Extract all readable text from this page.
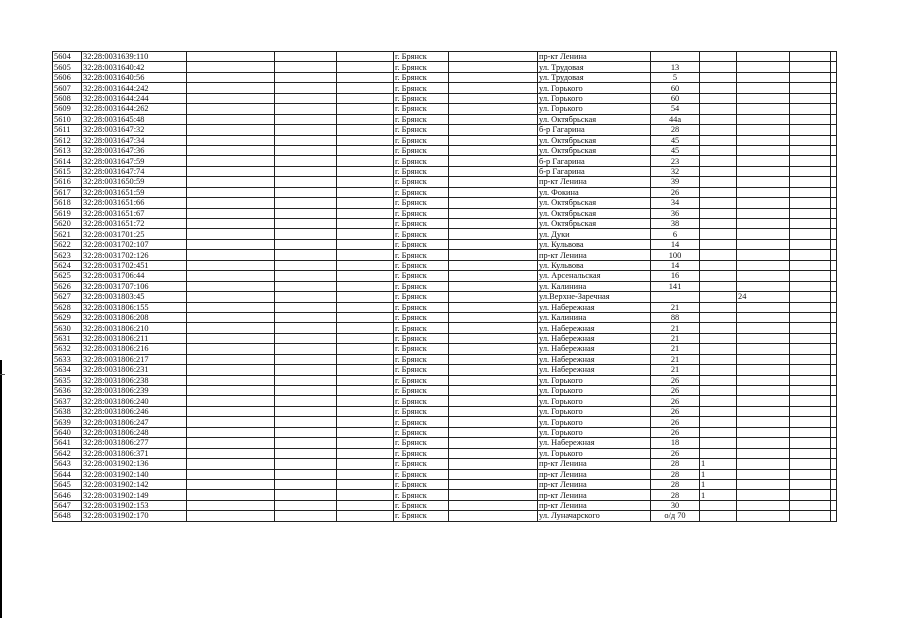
5604	32:28:0031639:110				г. Брянск		пр-кт Ленина					
5605	32:28:0031640:42				г. Брянск		ул. Трудовая	13				
5606	32:28:0031640:56				г. Брянск		ул. Трудовая	5				
5607	32:28:0031644:242				г. Брянск		ул. Горького	60				
5608	32:28:0031644:244				г. Брянск		ул. Горького	60				
5609	32:28:0031644:262				г. Брянск		ул. Горького	54				
5610	32:28:0031645:48				г. Брянск		ул. Октябрьская	44а				
5611	32:28:0031647:32				г. Брянск		б-р Гагарина	28				
5612	32:28:0031647:34				г. Брянск		ул. Октябрьская	45				
5613	32:28:0031647:36				г. Брянск		ул. Октябрьская	45				
5614	32:28:0031647:59				г. Брянск		б-р Гагарина	23				
5615	32:28:0031647:74				г. Брянск		б-р Гагарина	32				
5616	32:28:0031650:59				г. Брянск		пр-кт Ленина	39				
5617	32:28:0031651:59				г. Брянск		ул. Фокина	26				
5618	32:28:0031651:66				г. Брянск		ул. Октябрьская	34				
5619	32:28:0031651:67				г. Брянск		ул. Октябрьская	36				
5620	32:28:0031651:72				г. Брянск		ул. Октябрьская	38				
5621	32:28:0031701:25				г. Брянск		ул. Дуки	6				
5622	32:28:0031702:107				г. Брянск		ул. Кульвова	14				
5623	32:28:0031702:126				г. Брянск		пр-кт Ленина	100				
5624	32:28:0031702:451				г. Брянск		ул. Кульвова	14				
5625	32:28:0031706:44				г. Брянск		ул. Арсенальская	16				
5626	32:28:0031707:106				г. Брянск		ул. Калинина	141				
5627	32:28:0031803:45				г. Брянск		ул.Верхне-Заречная			24		
5628	32:28:0031806:155				г. Брянск		ул. Набережная	21				
5629	32:28:0031806:208				г. Брянск		ул. Калинина	88				
5630	32:28:0031806:210				г. Брянск		ул. Набережная	21				
5631	32:28:0031806:211				г. Брянск		ул. Набережная	21				
5632	32:28:0031806:216				г. Брянск		ул. Набережная	21				
5633	32:28:0031806:217				г. Брянск		ул. Набережная	21				
5634	32:28:0031806:231				г. Брянск		ул. Набережная	21				
5635	32:28:0031806:238				г. Брянск		ул. Горького	26				
5636	32:28:0031806:239				г. Брянск		ул. Горького	26				
5637	32:28:0031806:240				г. Брянск		ул. Горького	26				
5638	32:28:0031806:246				г. Брянск		ул. Горького	26				
5639	32:28:0031806:247				г. Брянск		ул. Горького	26				
5640	32:28:0031806:248				г. Брянск		ул. Горького	26				
5641	32:28:0031806:277				г. Брянск		ул. Набережная	18				
5642	32:28:0031806:371				г. Брянск		ул. Горького	26				
5643	32:28:0031902:136				г. Брянск		пр-кт Ленина	28	1			
5644	32:28:0031902:140				г. Брянск		пр-кт Ленина	28	1			
5645	32:28:0031902:142				г. Брянск		пр-кт Ленина	28	1			
5646	32:28:0031902:149				г. Брянск		пр-кт Ленина	28	1			
5647	32:28:0031902:153				г. Брянск		пр-кт Ленина	30				
5648	32:28:0031902:170				г. Брянск		ул. Луначарского	о/д 70				
